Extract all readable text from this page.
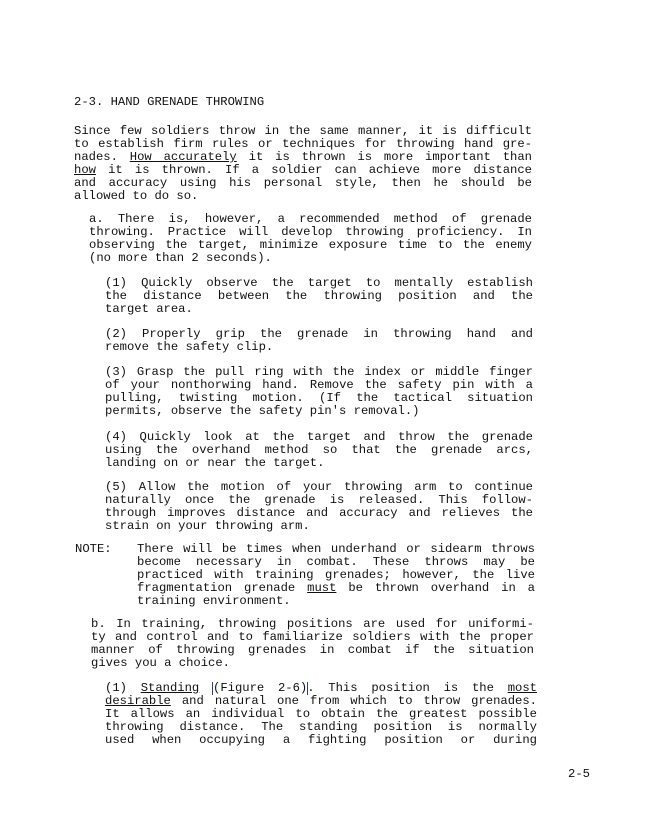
2-3. HAND GRENADE THROWING
Since few soldiers throw in the same manner, it is difficult
to establish firm rules or techniques for throwing hand gre-
nades. How accurately it is thrown is more important than
how it is thrown. If a soldier can achieve more distance
and accuracy using his personal style, then he should be
allowed to do so.
a. There is, however, a recommended method of grenade
throwing. Practice will develop throwing proficiency. In
observing the target, minimize exposure time to the enemy
(no more than 2 seconds).
(1) Quickly observe the target to mentally establish
the distance between the throwing position and the
target area.
(2) Properly grip the grenade in throwing hand and
remove the safety clip.
(3) Grasp the pull ring with the index or middle finger
of your nonthorwing hand. Remove the safety pin with a
pulling, twisting motion. (If the tactical situation
permits, observe the safety pin's removal.)
(4) Quickly look at the target and throw the grenade
using the overhand method so that the grenade arcs,
landing on or near the target.
(5) Allow the motion of your throwing arm to continue
naturally once the grenade is released. This follow-
through improves distance and accuracy and relieves the
strain on your throwing arm.
NOTE: There will be times when underhand or sidearm throws
become necessary in combat. These throws may be
practiced with training grenades; however, the live
fragmentation grenade must be thrown overhand in a
training environment.
b. In training, throwing positions are used for uniformi-
ty and control and to familiarize soldiers with the proper
manner of throwing grenades in combat if the situation
gives you a choice.
(1) Standing (Figure 2-6). This position is the most
desirable and natural one from which to throw grenades.
It allows an individual to obtain the greatest possible
throwing distance. The standing position is normally
used when occupying a fighting position or during
2-5
